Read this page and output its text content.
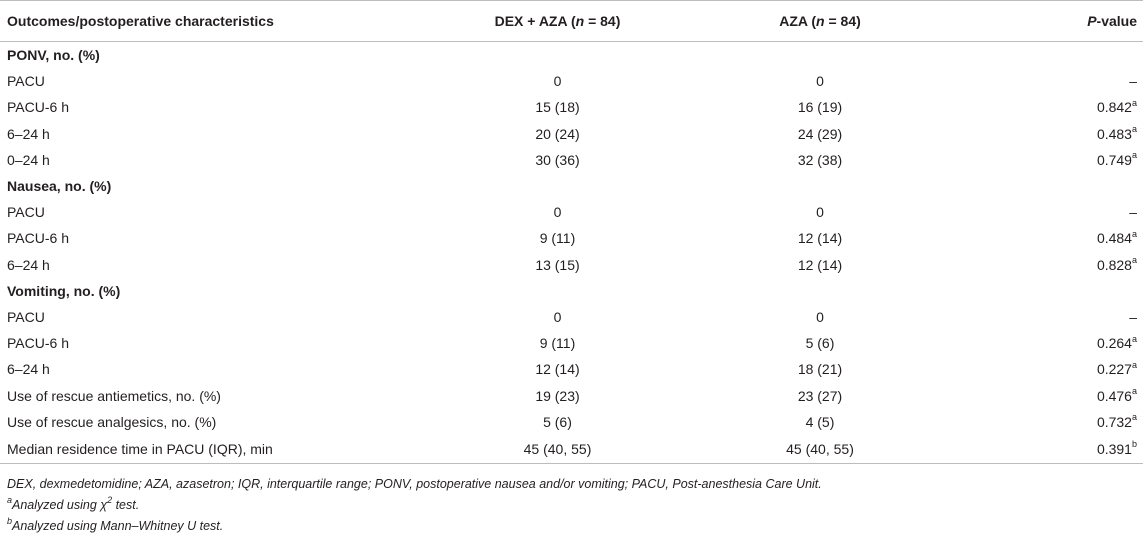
Outcomes/postoperative characteristics	DEX + AZA (n = 84)	AZA (n = 84)	P-value
PONV, no. (%)			
PACU	0	0	–
PACU-6 h	15 (18)	16 (19)	0.842$^a$
6–24 h	20 (24)	24 (29)	0.483$^a$
0–24 h	30 (36)	32 (38)	0.749$^a$
Nausea, no. (%)			
PACU	0	0	–
PACU-6 h	9 (11)	12 (14)	0.484$^a$
6–24 h	13 (15)	12 (14)	0.828$^a$
Vomiting, no. (%)			
PACU	0	0	–
PACU-6 h	9 (11)	5 (6)	0.264$^a$
6–24 h	12 (14)	18 (21)	0.227$^a$
Use of rescue antiemetics, no. (%)	19 (23)	23 (27)	0.476$^a$
Use of rescue analgesics, no. (%)	5 (6)	4 (5)	0.732$^a$
Median residence time in PACU (IQR), min	45 (40, 55)	45 (40, 55)	0.391$^b$
DEX, dexmedetomidine; AZA, azasetron; IQR, interquartile range; PONV, postoperative nausea and/or vomiting; PACU, Post-anesthesia Care Unit.
$^a$Analyzed using $\chi^2$ test.
$^b$Analyzed using Mann–Whitney U test.
